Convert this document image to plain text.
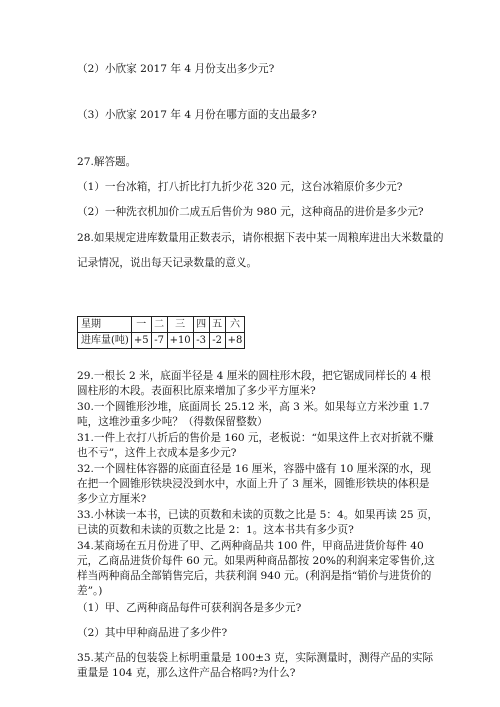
（2）小欣家 2017 年 4 月份支出多少元?
（3）小欣家 2017 年 4 月份在哪方面的支出最多?
27.解答题。
（1）一台冰箱，打八折比打九折少花 320 元，这台冰箱原价多少元?
（2）一种洗衣机加价二成五后售价为 980 元，这种商品的进价是多少元?
28.如果规定进库数量用正数表示，请你根据下表中某一周粮库进出大米数量的
记录情况，说出每天记录数量的意义。
星期	一	二	三	四	五	六
进库量(吨)	+5	-7	+10	-3	-2	+8
29.一根长 2 米，底面半径是 4 厘米的圆柱形木段，把它锯成同样长的 4 根圆柱形的木段。表面积比原来增加了多少平方厘米?
30.一个圆锥形沙堆，底面周长 25.12 米，高 3 米。如果每立方米沙重 1.7 吨，这堆沙重多少吨？（得数保留整数）
31.一件上衣打八折后的售价是 160 元，老板说：“如果这件上衣对折就不赚也不亏”，这件上衣成本是多少元?
32.一个圆柱体容器的底面直径是 16 厘米，容器中盛有 10 厘米深的水，现在把一个圆锥形铁块浸没到水中，水面上升了 3 厘米，圆锥形铁块的体积是多少立方厘米?
33.小林读一本书，已读的页数和未读的页数之比是 5：4。如果再读 25 页，已读的页数和未读的页数之比是 2：1。这本书共有多少页?
34.某商场在五月份进了甲、乙两种商品共 100 件，甲商品进货价每件 40 元，乙商品进货价每件 60 元。如果两种商品都按 20%的利润来定零售价,这样当两种商品全部销售完后，共获利润 940 元。(利润是指“销价与进货价的差”。)
（1）甲、乙两种商品每件可获利润各是多少元?
（2）其中甲种商品进了多少件?
35.某产品的包装袋上标明重量是 100±3 克，实际测量时，测得产品的实际重量是 104 克，那么这件产品合格吗?为什么?
